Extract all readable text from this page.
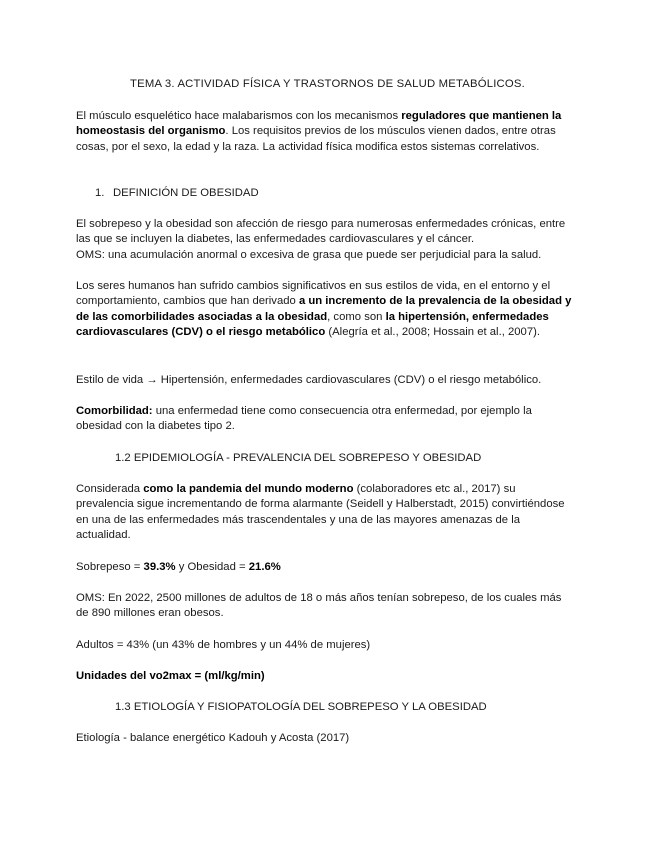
TEMA 3. ACTIVIDAD FÍSICA Y TRASTORNOS DE SALUD METABÓLICOS.

El músculo esquelético hace malabarismos con los mecanismos reguladores que mantienen la homeostasis del organismo. Los requisitos previos de los músculos vienen dados, entre otras cosas, por el sexo, la edad y la raza. La actividad física modifica estos sistemas correlativos.

1. DEFINICIÓN DE OBESIDAD
El sobrepeso y la obesidad son afección de riesgo para numerosas enfermedades crónicas, entre las que se incluyen la diabetes, las enfermedades cardiovasculares y el cáncer.
OMS: una acumulación anormal o excesiva de grasa que puede ser perjudicial para la salud.

Los seres humanos han sufrido cambios significativos en sus estilos de vida, en el entorno y el comportamiento, cambios que han derivado a un incremento de la prevalencia de la obesidad y de las comorbilidades asociadas a la obesidad, como son la hipertensión, enfermedades cardiovasculares (CDV) o el riesgo metabólico (Alegría et al., 2008; Hossain et al., 2007).

Estilo de vida → Hipertensión, enfermedades cardiovasculares (CDV) o el riesgo metabólico.

Comorbilidad: una enfermedad tiene como consecuencia otra enfermedad, por ejemplo la obesidad con la diabetes tipo 2.

1.2 EPIDEMIOLOGÍA - PREVALENCIA DEL SOBREPESO Y OBESIDAD

Considerada como la pandemia del mundo moderno (colaboradores etc al., 2017) su prevalencia sigue incrementando de forma alarmante (Seidell y Halberstadt, 2015) convirtiéndose en una de las enfermedades más trascendentales y una de las mayores amenazas de la actualidad.

Sobrepeso = 39.3% y Obesidad = 21.6%

OMS: En 2022, 2500 millones de adultos de 18 o más años tenían sobrepeso, de los cuales más de 890 millones eran obesos.
Adultos = 43% (un 43% de hombres y un 44% de mujeres)
Unidades del vo2max = (ml/kg/min)
1.3 ETIOLOGÍA Y FISIOPATOLOGÍA DEL SOBREPESO Y LA OBESIDAD
Etiología - balance energético Kadouh y Acosta (2017)
